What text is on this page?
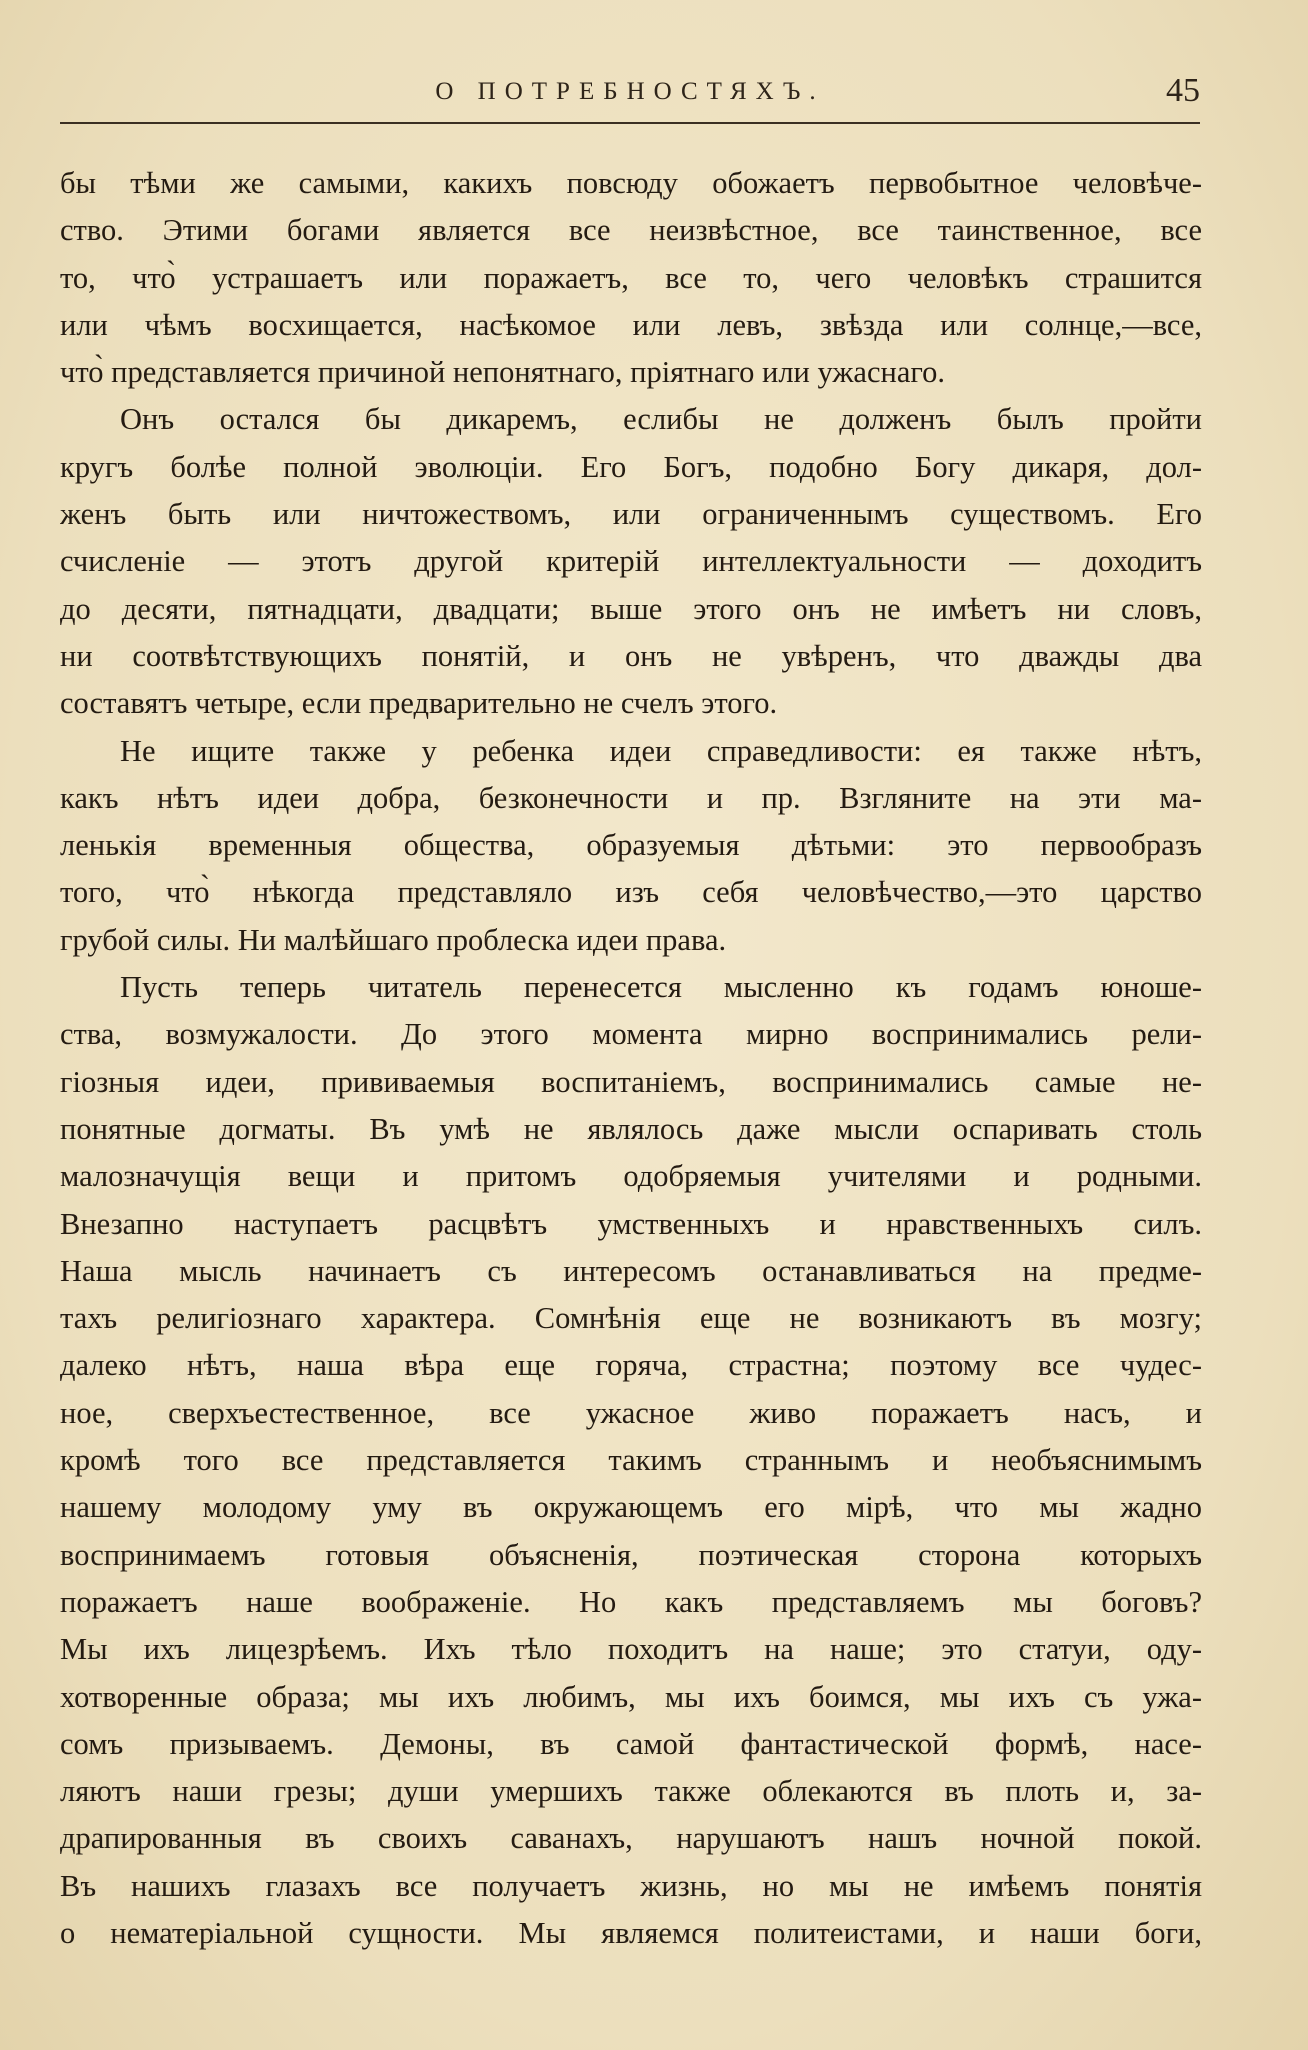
О ПОТРЕБНОСТЯХЪ.	45
бы тѣми же самыми, какихъ повсюду обожаетъ первобытное человѣче-
ство. Этими богами является все неизвѣстное, все таинственное, все
то, что̀ устрашаетъ или поражаетъ, все то, чего человѣкъ страшится
или чѣмъ восхищается, насѣкомое или левъ, звѣзда или солнце,—все,
что̀ представляется причиной непонятнаго, пріятнаго или ужаснаго.
Онъ остался бы дикаремъ, еслибы не долженъ былъ пройти
кругъ болѣе полной эволюціи. Его Богъ, подобно Богу дикаря, дол-
женъ быть или ничтожествомъ, или ограниченнымъ существомъ. Его
счисленіе — этотъ другой критерій интеллектуальности — доходитъ
до десяти, пятнадцати, двадцати; выше этого онъ не имѣетъ ни словъ,
ни соотвѣтствующихъ понятій, и онъ не увѣренъ, что дважды два
составятъ четыре, если предварительно не счелъ этого.
Не ищите также у ребенка идеи справедливости: ея также нѣтъ,
какъ нѣтъ идеи добра, безконечности и пр. Взгляните на эти ма-
ленькія временныя общества, образуемыя дѣтьми: это первообразъ
того, что̀ нѣкогда представляло изъ себя человѣчество,—это царство
грубой силы. Ни малѣйшаго проблеска идеи права.
Пусть теперь читатель перенесется мысленно къ годамъ юноше-
ства, возмужалости. До этого момента мирно воспринимались рели-
гіозныя идеи, прививаемыя воспитаніемъ, воспринимались самые не-
понятные догматы. Въ умѣ не являлось даже мысли оспаривать столь
малозначущія вещи и притомъ одобряемыя учителями и родными.
Внезапно наступаетъ расцвѣтъ умственныхъ и нравственныхъ силъ.
Наша мысль начинаетъ съ интересомъ останавливаться на предме-
тахъ религіознаго характера. Сомнѣнія еще не возникаютъ въ мозгу;
далеко нѣтъ, наша вѣра еще горяча, страстна; поэтому все чудес-
ное, сверхъестественное, все ужасное живо поражаетъ насъ, и
кромѣ того все представляется такимъ страннымъ и необъяснимымъ
нашему молодому уму въ окружающемъ его мірѣ, что мы жадно
воспринимаемъ готовыя объясненія, поэтическая сторона которыхъ
поражаетъ наше воображеніе. Но какъ представляемъ мы боговъ?
Мы ихъ лицезрѣемъ. Ихъ тѣло походитъ на наше; это статуи, оду-
хотворенные образа; мы ихъ любимъ, мы ихъ боимся, мы ихъ съ ужа-
сомъ призываемъ. Демоны, въ самой фантастической формѣ, насе-
ляютъ наши грезы; души умершихъ также облекаются въ плоть и, за-
драпированныя въ своихъ саванахъ, нарушаютъ нашъ ночной покой.
Въ нашихъ глазахъ все получаетъ жизнь, но мы не имѣемъ понятія
о нематеріальной сущности. Мы являемся политеистами, и наши боги,
